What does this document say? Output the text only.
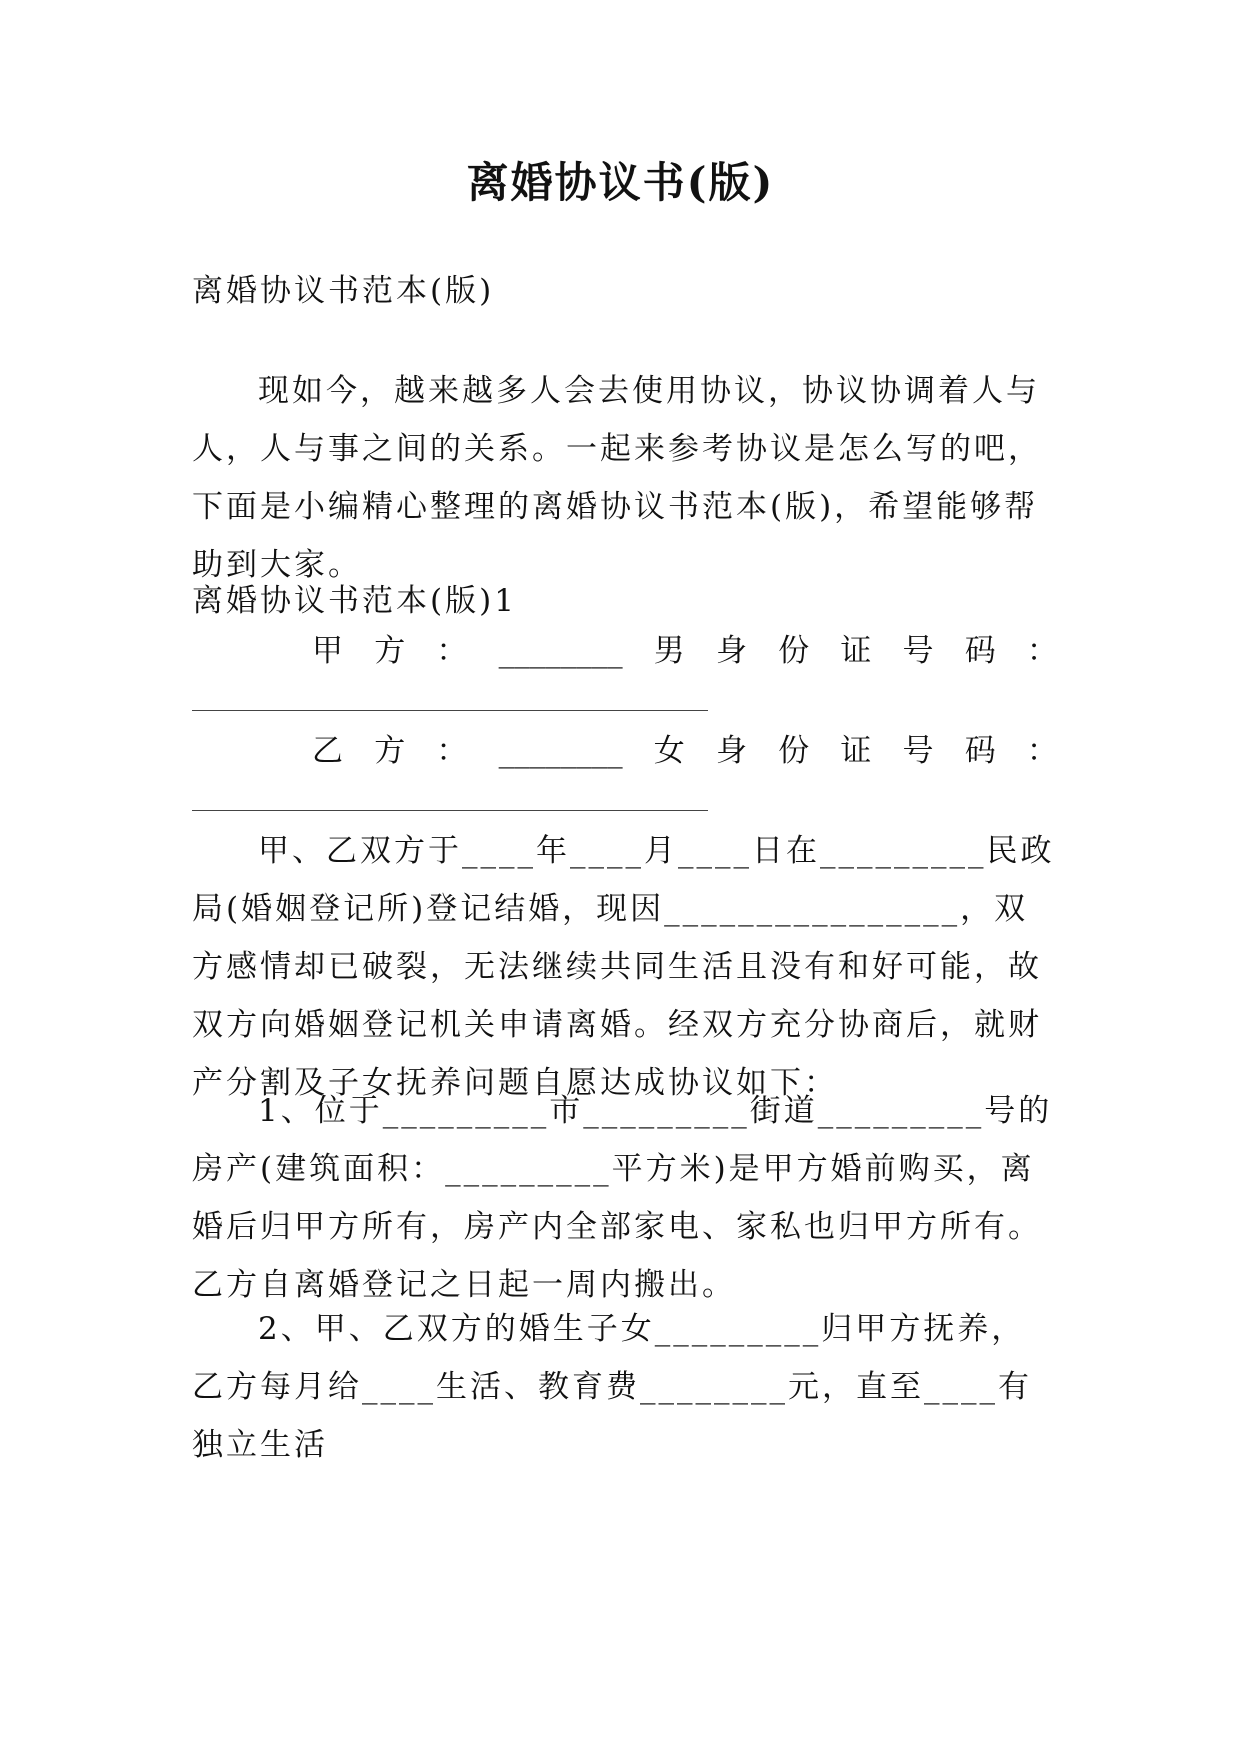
离婚协议书(版)

离婚协议书范本(版)

现如今，越来越多人会去使用协议，协议协调着人与人，人与事之间的关系。一起来参考协议是怎么写的吧，下面是小编精心整理的离婚协议书范本(版)，希望能够帮助到大家。

离婚协议书范本(版)1

甲 方 ： ________ 男 身 份 证 号 码 ：
乙 方 ： ________ 女 身 份 证 号 码 ：

甲、乙双方于____年____月____日在_________民政局(婚姻登记所)登记结婚，现因________________，双方感情却已破裂，无法继续共同生活且没有和好可能，故双方向婚姻登记机关申请离婚。经双方充分协商后，就财产分割及子女抚养问题自愿达成协议如下：

1、位于_________市_________街道_________号的房产(建筑面积：_________平方米)是甲方婚前购买，离婚后归甲方所有，房产内全部家电、家私也归甲方所有。乙方自离婚登记之日起一周内搬出。

2、甲、乙双方的婚生子女_________归甲方抚养，乙方每月给____生活、教育费________元，直至____有独立生活
